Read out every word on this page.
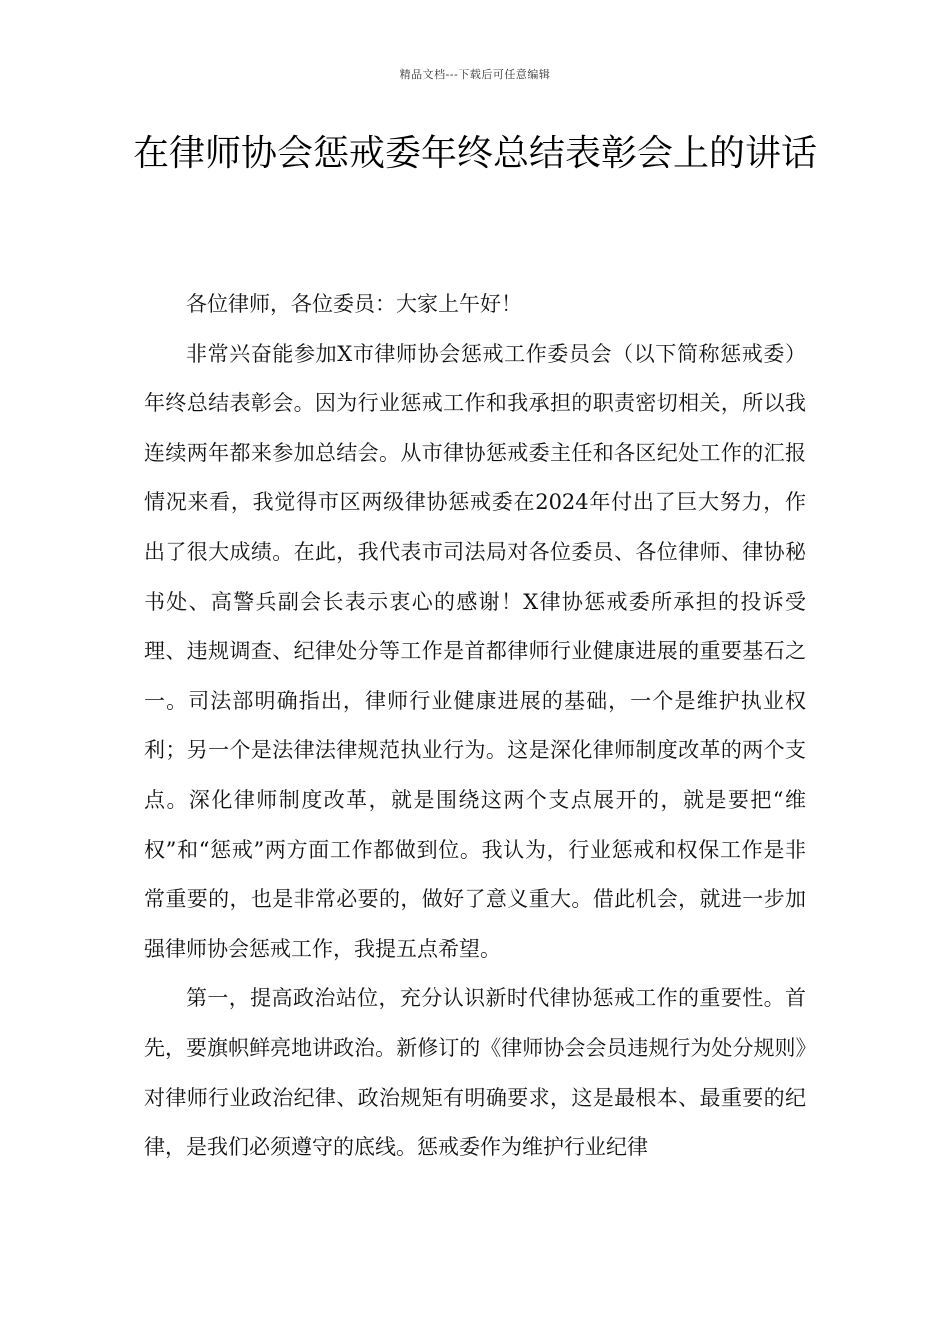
精品文档---下载后可任意编辑
在律师协会惩戒委年终总结表彰会上的讲话

各位律师，各位委员：大家上午好！

非常兴奋能参加X市律师协会惩戒工作委员会（以下简称惩戒委）年终总结表彰会。因为行业惩戒工作和我承担的职责密切相关，所以我连续两年都来参加总结会。从市律协惩戒委主任和各区纪处工作的汇报情况来看，我觉得市区两级律协惩戒委在2024年付出了巨大努力，作出了很大成绩。在此，我代表市司法局对各位委员、各位律师、律协秘书处、高警兵副会长表示衷心的感谢！X律协惩戒委所承担的投诉受理、违规调查、纪律处分等工作是首都律师行业健康进展的重要基石之一。司法部明确指出，律师行业健康进展的基础，一个是维护执业权利；另一个是法律法律规范执业行为。这是深化律师制度改革的两个支点。深化律师制度改革，就是围绕这两个支点展开的，就是要把“维权”和“惩戒”两方面工作都做到位。我认为，行业惩戒和权保工作是非常重要的，也是非常必要的，做好了意义重大。借此机会，就进一步加强律师协会惩戒工作，我提五点希望。

第一，提高政治站位，充分认识新时代律协惩戒工作的重要性。首先，要旗帜鲜亮地讲政治。新修订的《律师协会会员违规行为处分规则》对律师行业政治纪律、政治规矩有明确要求，这是最根本、最重要的纪律，是我们必须遵守的底线。惩戒委作为维护行业纪律
